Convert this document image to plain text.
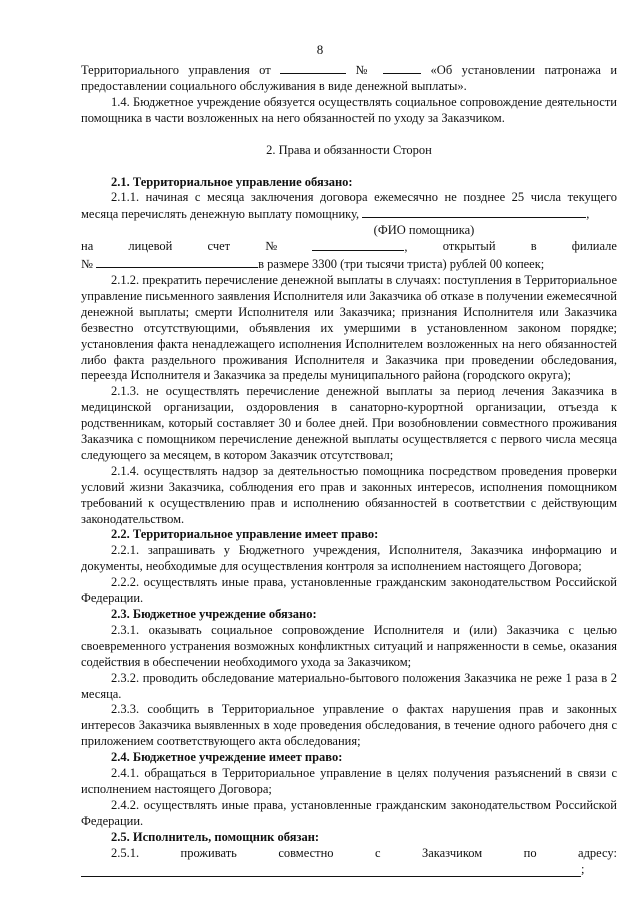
8

Территориального управления от	№	«Об установлении патронажа и предоставлении социального обслуживания в виде денежной выплаты».

1.4. Бюджетное учреждение обязуется осуществлять социальное сопровождение деятельности помощника в части возложенных на него обязанностей по уходу за Заказчиком.

2. Права и обязанности Сторон

2.1. Территориальное управление обязано:

2.1.1. начиная с месяца заключения договора ежемесячно не позднее 25 числа текущего месяца перечислять денежную выплату помощнику,	,

(ФИО помощника)

на	лицевой	счет	№	,	открытый	в	филиале

№	в размере 3300 (три тысячи триста) рублей 00 копеек;

2.1.2. прекратить перечисление денежной выплаты в случаях: поступления в Территориальное управление письменного заявления Исполнителя или Заказчика об отказе в получении ежемесячной денежной выплаты; смерти Исполнителя или Заказчика; признания Исполнителя или Заказчика безвестно отсутствующими, объявления их умершими в установленном законом порядке; установления факта ненадлежащего исполнения Исполнителем возложенных на него обязанностей либо факта раздельного проживания Исполнителя и Заказчика при проведении обследования, переезда Исполнителя и Заказчика за пределы муниципального района (городского округа);

2.1.3. не осуществлять перечисление денежной выплаты за период лечения Заказчика в медицинской организации, оздоровления в санаторно-курортной организации, отъезда к родственникам, который составляет 30 и более дней. При возобновлении совместного проживания Заказчика с помощником перечисление денежной выплаты осуществляется с первого числа месяца следующего за месяцем, в котором Заказчик отсутствовал;

2.1.4. осуществлять надзор за деятельностью помощника посредством проведения проверки условий жизни Заказчика, соблюдения его прав и законных интересов, исполнения помощником требований к осуществлению прав и исполнению обязанностей в соответствии с действующим законодательством.

2.2. Территориальное управление имеет право:

2.2.1. запрашивать у Бюджетного учреждения, Исполнителя, Заказчика информацию и документы, необходимые для осуществления контроля за исполнением настоящего Договора;

2.2.2. осуществлять иные права, установленные гражданским законодательством Российской Федерации.

2.3. Бюджетное учреждение обязано:

2.3.1. оказывать социальное сопровождение Исполнителя и (или) Заказчика с целью своевременного устранения возможных конфликтных ситуаций и напряженности в семье, оказания содействия в обеспечении необходимого ухода за Заказчиком;

2.3.2. проводить обследование материально-бытового положения Заказчика не реже 1 раза в 2 месяца.

2.3.3. сообщить в Территориальное управление о фактах нарушения прав и законных интересов Заказчика выявленных в ходе проведения обследования, в течение одного рабочего дня с приложением соответствующего акта обследования;

2.4. Бюджетное учреждение имеет право:

2.4.1. обращаться в Территориальное управление в целях получения разъяснений в связи с исполнением настоящего Договора;

2.4.2. осуществлять иные права, установленные гражданским законодательством Российской Федерации.

2.5. Исполнитель, помощник обязан:

2.5.1.	проживать	совместно	с	Заказчиком	по	адресу:
;
